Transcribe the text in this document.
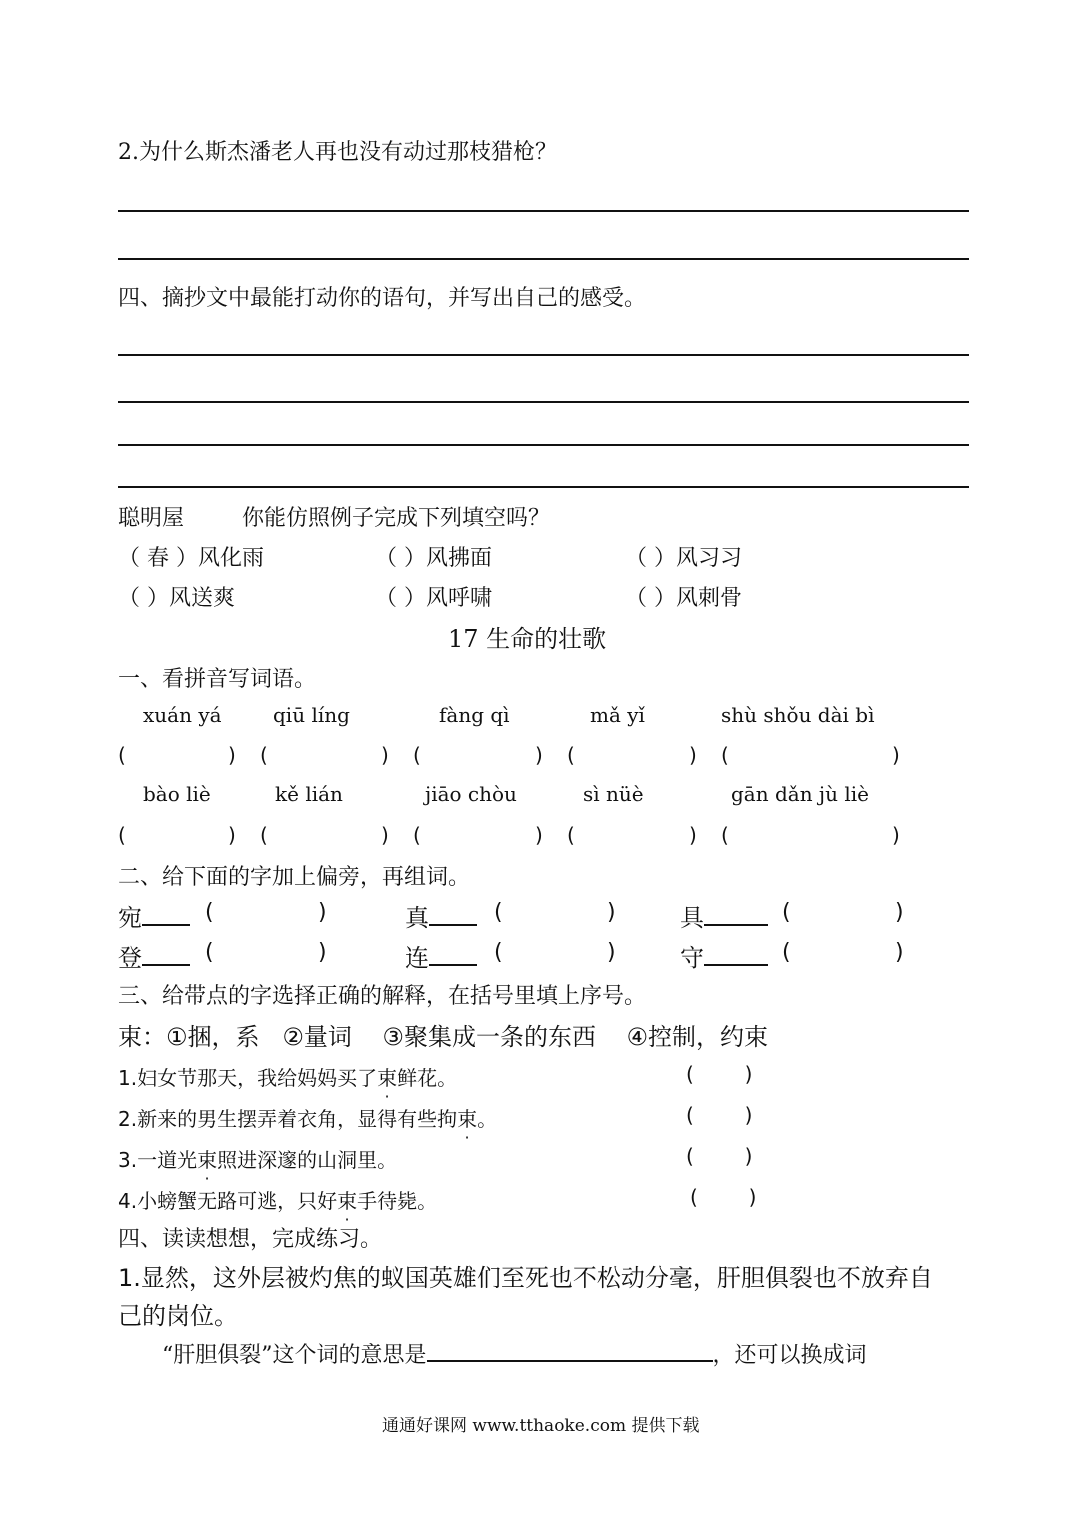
2.为什么斯杰潘老人再也没有动过那枝猎枪？
四、摘抄文中最能打动你的语句，并写出自己的感受。
聪明屋	你能仿照例子完成下列填空吗？
（ 春 ）风化雨	（ ）风拂面	（ ）风习习
（ ）风送爽	（ ）风呼啸	（ ）风刺骨
17 生命的壮歌
一、看拼音写词语。
xuán yá	qiū líng	fàng qì	mǎ yǐ	shù shǒu dài bì
(	) (	) (	) (	) (	)
bào liè	kě lián	jiāo chòu	sì nüè	gān dǎn jù liè
(	) (	) (	) (	) (	)
二、给下面的字加上偏旁，再组词。
宛	(	)	真	(	)	具	(	)
登	(	)	连	(	)	守	(	)
三、给带点的字选择正确的解释，在括号里填上序号。
束：①捆，系   ②量词    ③聚集成一条的东西    ④控制，约束
1.妇女节那天，我给妈妈买了束鲜花。	(        )
2.新来的男生摆弄着衣角，显得有些拘束。	(        )
3.一道光束照进深邃的山洞里。	(        )
4.小螃蟹无路可逃，只好束手待毙。	(        )
四、读读想想，完成练习。
1.显然，这外层被灼焦的蚁国英雄们至死也不松动分毫，肝胆俱裂也不放弃自
己的岗位。
“肝胆俱裂”这个词的意思是	，还可以换成词
通通好课网 www.tthaoke.com 提供下载
